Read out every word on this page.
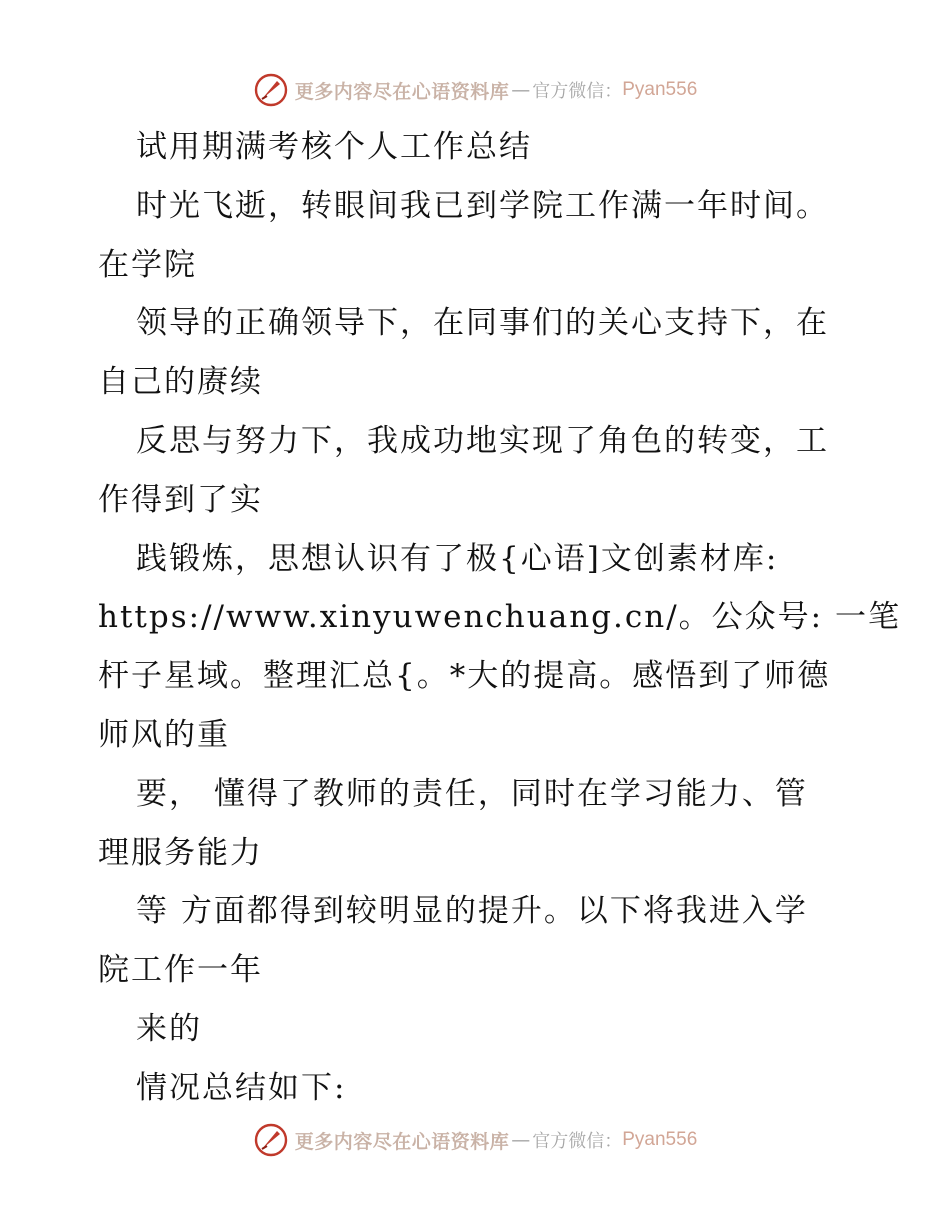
更多内容尽在心语资料库 — 官方微信： Pyan556
试用期满考核个人工作总结
时光飞逝，转眼间我已到学院工作满一年时间。
在学院
领导的正确领导下，在同事们的关心支持下，在
自己的赓续
反思与努力下，我成功地实现了角色的转变，工
作得到了实
践锻炼，思想认识有了极{心语]文创素材库:
https://www.xinyuwenchuang.cn/。公众号: 一笔
杆子星域。整理汇总{。*大的提高。感悟到了师德
师风的重
要， 懂得了教师的责任，同时在学习能力、管
理服务能力
等 方面都得到较明显的提升。以下将我进入学
院工作一年
来的
情况总结如下:
更多内容尽在心语资料库 — 官方微信： Pyan556
